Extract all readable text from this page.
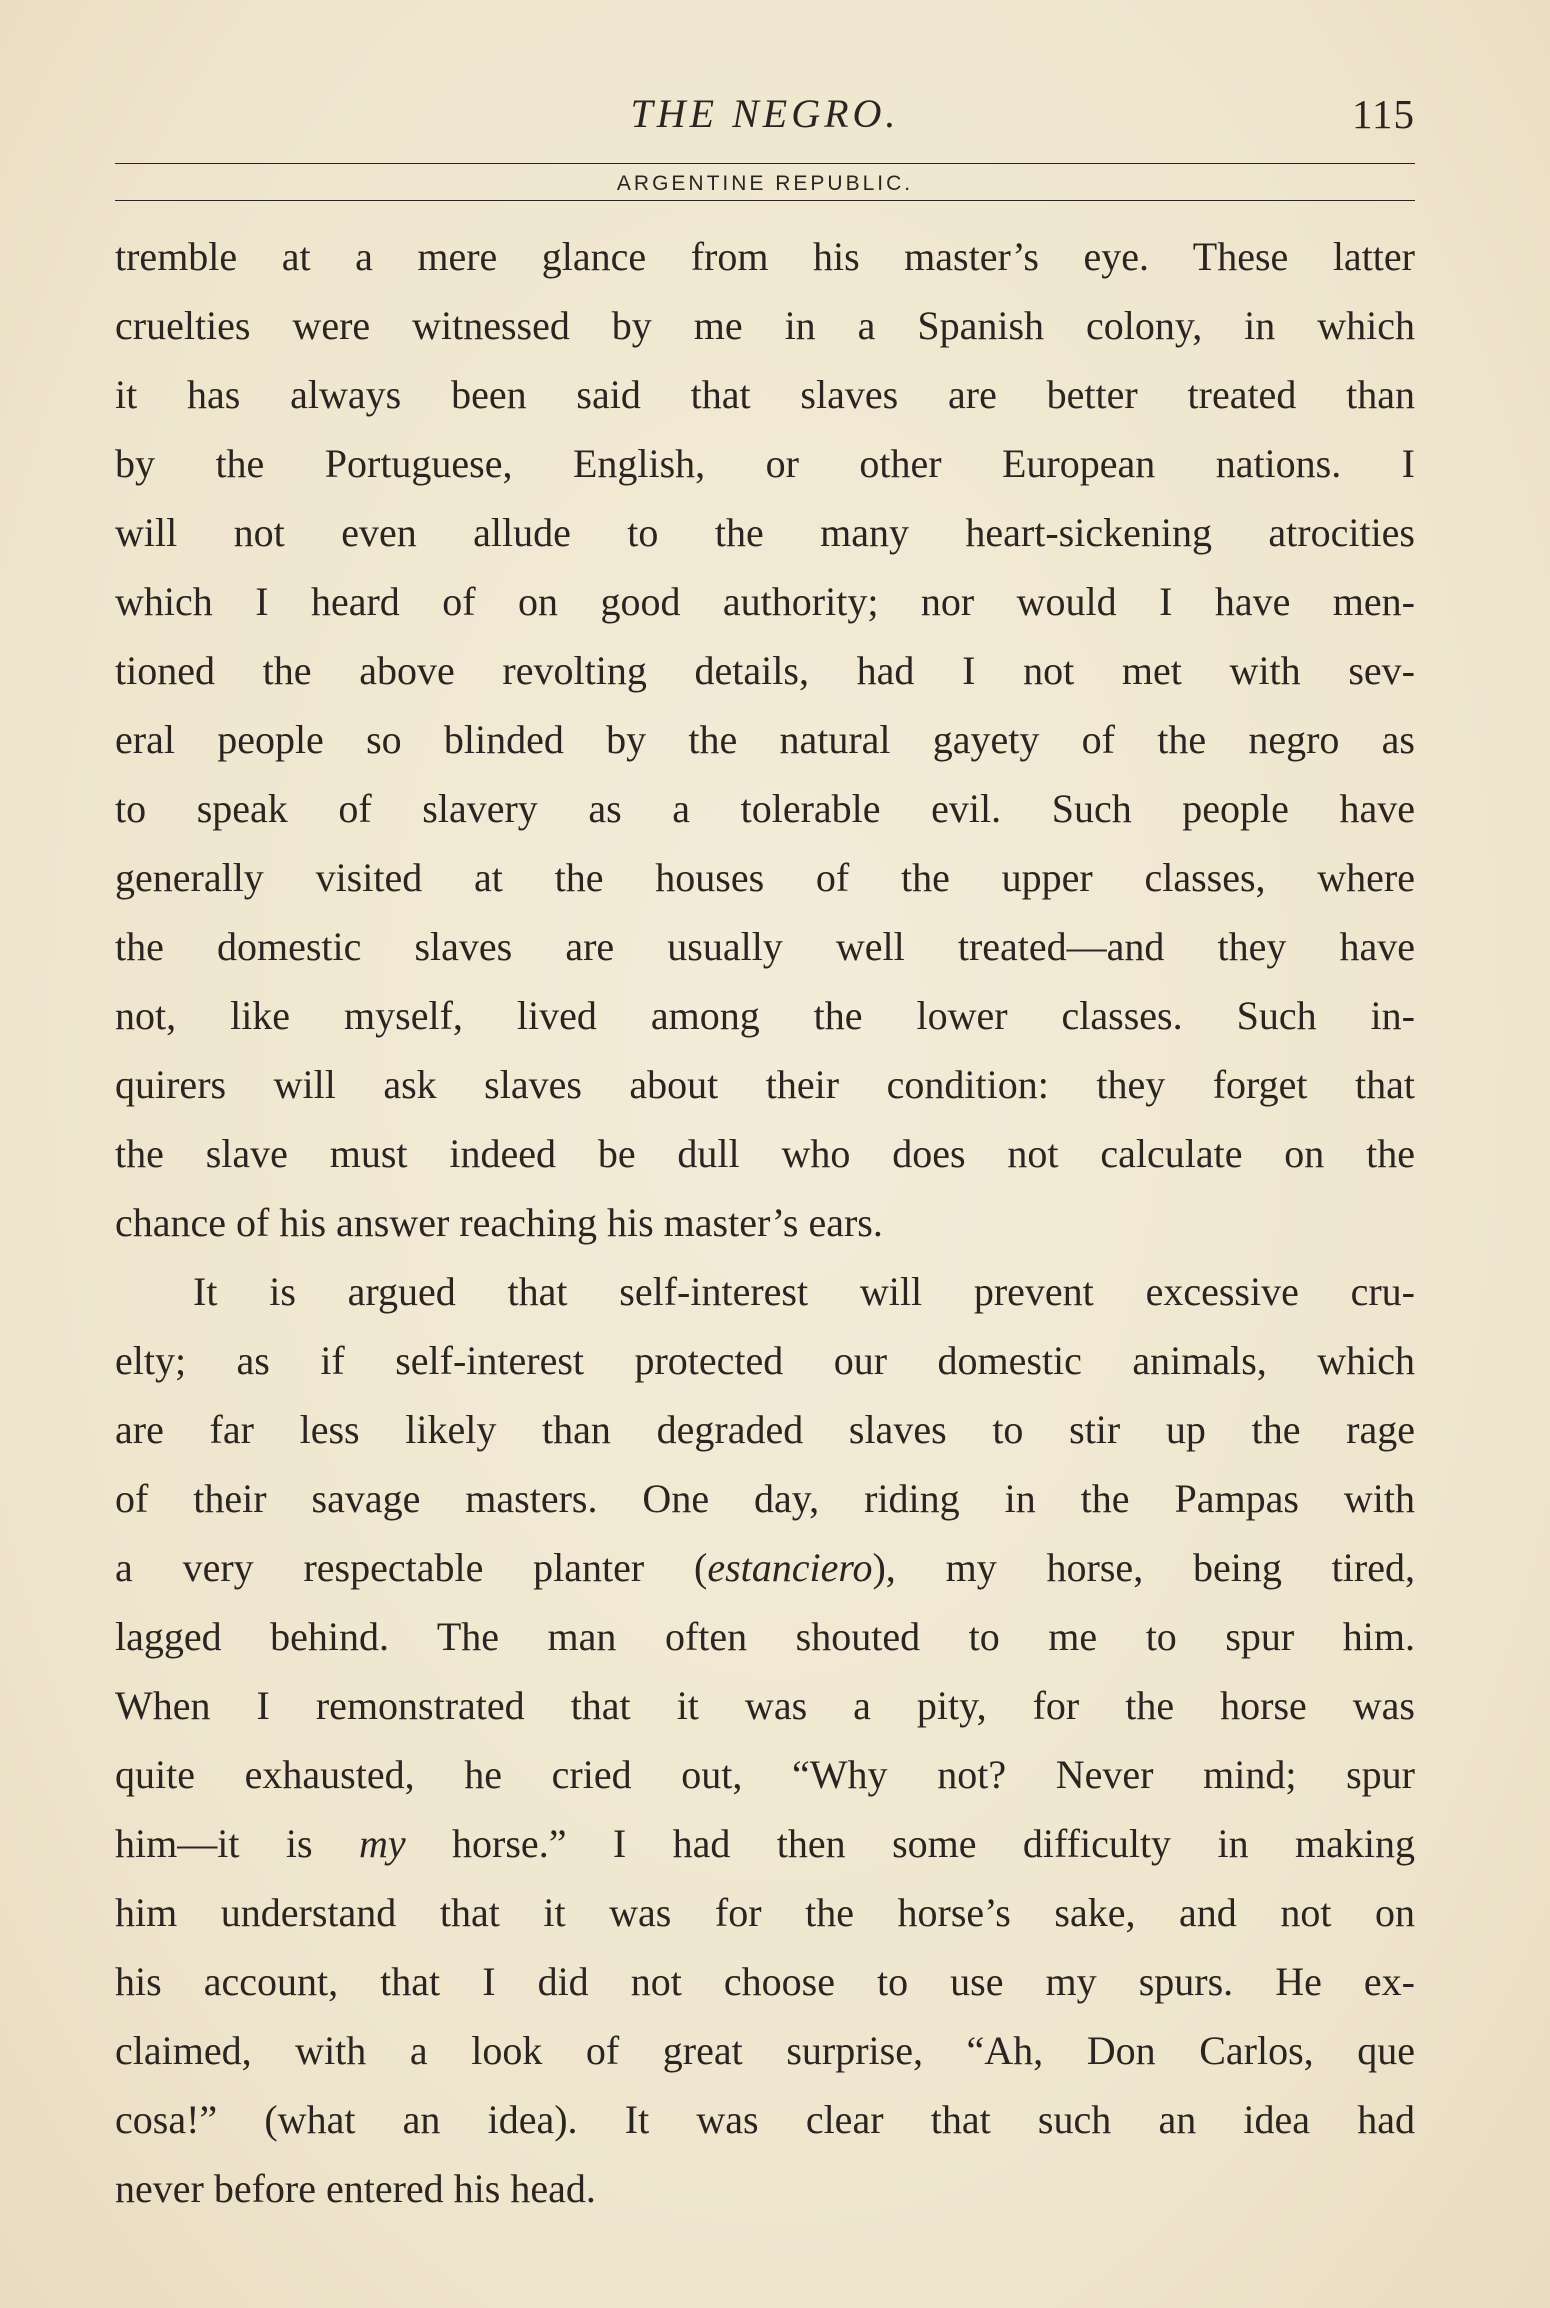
THE NEGRO.	115
ARGENTINE REPUBLIC.
tremble at a mere glance from his master’s eye. These latter
cruelties were witnessed by me in a Spanish colony, in which
it has always been said that slaves are better treated than
by the Portuguese, English, or other European nations. I
will not even allude to the many heart-sickening atrocities
which I heard of on good authority; nor would I have men-
tioned the above revolting details, had I not met with sev-
eral people so blinded by the natural gayety of the negro as
to speak of slavery as a tolerable evil. Such people have
generally visited at the houses of the upper classes, where
the domestic slaves are usually well treated—and they have
not, like myself, lived among the lower classes. Such in-
quirers will ask slaves about their condition: they forget that
the slave must indeed be dull who does not calculate on the
chance of his answer reaching his master’s ears.
It is argued that self-interest will prevent excessive cru-
elty; as if self-interest protected our domestic animals, which
are far less likely than degraded slaves to stir up the rage
of their savage masters. One day, riding in the Pampas with
a very respectable planter (estanciero), my horse, being tired,
lagged behind. The man often shouted to me to spur him.
When I remonstrated that it was a pity, for the horse was
quite exhausted, he cried out, “Why not? Never mind; spur
him—it is my horse.” I had then some difficulty in making
him understand that it was for the horse’s sake, and not on
his account, that I did not choose to use my spurs. He ex-
claimed, with a look of great surprise, “Ah, Don Carlos, que
cosa!” (what an idea). It was clear that such an idea had
never before entered his head.
